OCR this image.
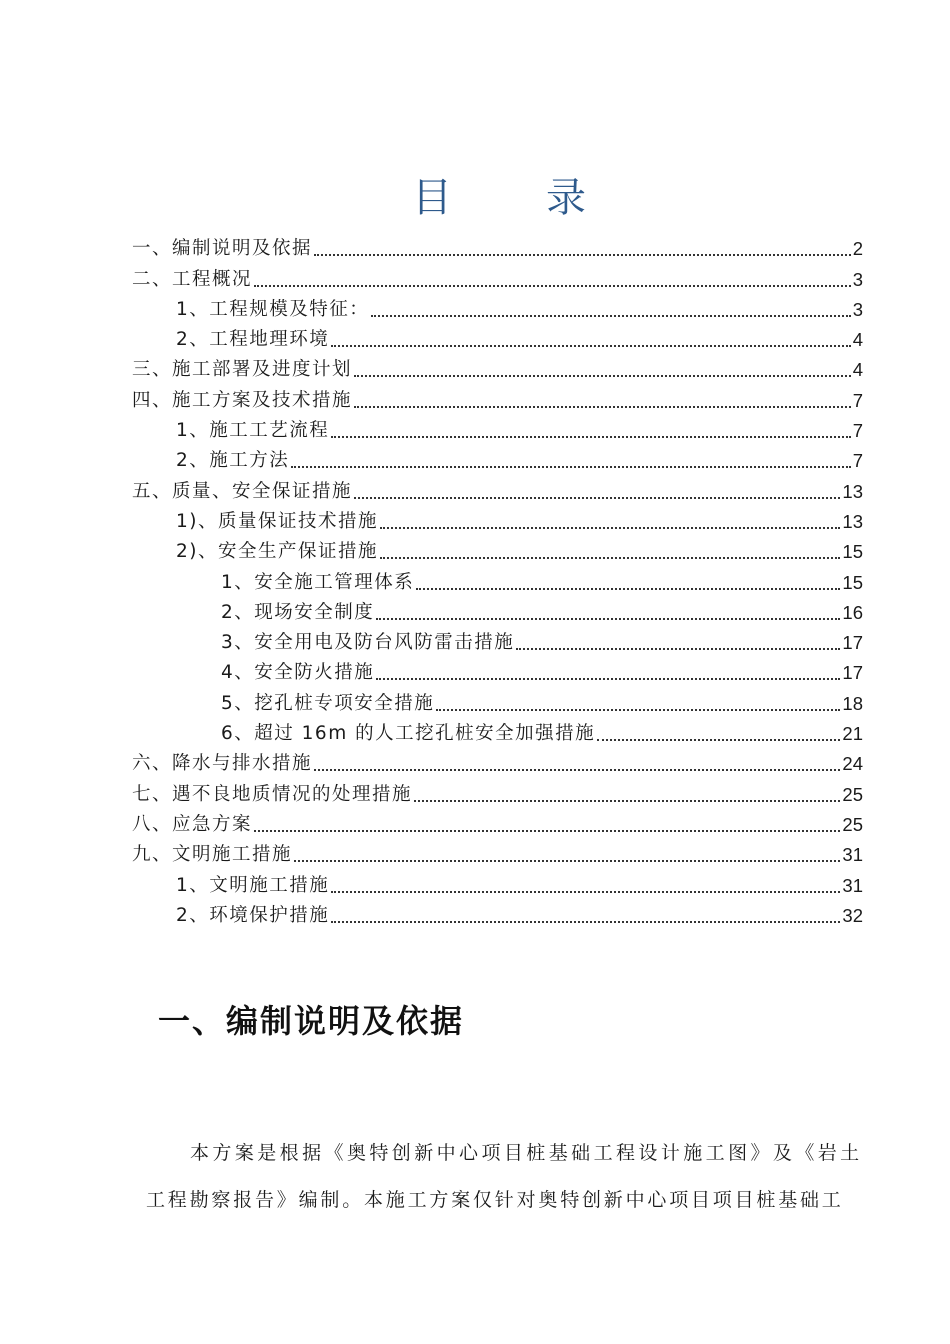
目 录
一、编制说明及依据	2
二、工程概况	3
1、工程规模及特征：	3
2、工程地理环境	4
三、施工部署及进度计划	4
四、施工方案及技术措施	7
1、施工工艺流程	7
2、施工方法	7
五、质量、安全保证措施	13
1)、质量保证技术措施	13
2)、安全生产保证措施	15
1、安全施工管理体系	15
2、现场安全制度	16
3、安全用电及防台风防雷击措施	17
4、安全防火措施	17
5、挖孔桩专项安全措施	18
6、超过 16m 的人工挖孔桩安全加强措施	21
六、降水与排水措施	24
七、遇不良地质情况的处理措施	25
八、应急方案	25
九、文明施工措施	31
1、文明施工措施	31
2、环境保护措施	32
一、编制说明及依据

本方案是根据《奥特创新中心项目桩基础工程设计施工图》及《岩土工程勘察报告》编制。本施工方案仅针对奥特创新中心项目项目桩基础工
